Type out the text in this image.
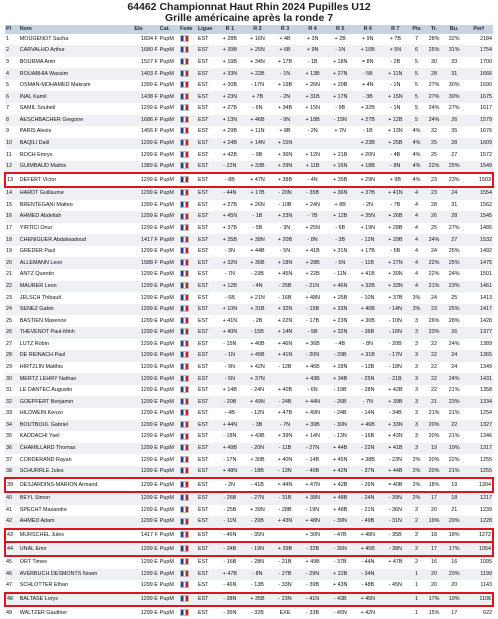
64462 Championnat Haut Rhin 2024 Pupilles U12
Grille américaine après la ronde 7
Pl	Nom	Elo	Cat.	Fede	Ligue	R 1	R 2	R 3	R 4	R 5	R 6	R 7	Pts	Tr.	Bu.	Perf
1	MOUGENOT Sacha	1834 F	PupM		EST	+ 28B	+ 16N	+ 4B	+ 3N	+ 2B	+ 9N	+ 7B	7	28%	32%	2184
2	CARVALHO Arthur	1680 F	PupM		EST	+ 39B	+ 25N	+ 6B	+ 9N	- 1N	+ 10B	+ 5N	6	25%	31%	1754
3	BOURMA Amir	1527 F	PupM		EST	+ 19B	+ 34N	+ 17B	- 1B	+ 18N	= 8N	- 2B	5	30	33	1700
4	ROUABHIA Wassim	1403 F	PupM		EST	+ 33N	+ 22B	- 1N	+ 13B	+ 27N	- 5B	+ 11N	5	28	31	1666
5	OSMAN-MOHAMED Makram	1399 E	PupM		EST	+ 30B	- 17N	+ 19B	+ 26N	+ 20B	+ 4N	- 1N	5	27%	30%	1690
6	INAL Kamil	1438 F	PupM		EST	+ 23N	+ 7B	- 2N	+ 31B	+ 17N	- 3B	+ 15N	5	27%	30%	1675
7	SAMIL Souheil	1299 E	PupM		EST	+ 27B	- 6N	+ 34B	+ 15N	- 9B	+ 32B	- 1N	5	24%	27%	1617
8	AESCHBACHER Gregoire	1686 F	PupM		EST	+ 13N	+ 46B	- 9N	+ 18B	- 15N	+ 27B	+ 12B	5	24%	26	1579
9	PARIS Alexis	1456 F	PupM		EST	+ 29B	+ 11N	+ 8B	- 2N	+ 7N	- 1B	+ 13N	4%	32	35	1676
10	BAQILI Dalil	1299 E	PupM		EST	+ 24B	+ 14N	+ 15N			+ 23B	+ 25B	4%	25	28	1609
11	ROCH Emrys	1299 E	PupM		EST	+ 42B	- 9B	+ 36N	+ 12N	+ 21B	+ 20N	- 4B	4%	25	27	1572
12	GUIMBAUD Mathis	1389 E	PupM		EST	- 22N	+ 33B	+ 29N	+ 11B	+ 16N	+ 18B	- 8N	4%	22%	25%	1549
13	DEFERT Victor	1299 E	PupM		EST	- 8B	+ 47N	+ 38B	- 4N	+ 35B	+ 29N	+ 9B	4%	23	23%	1503
14	HARDT Guillaume	1299 E	PupM		EST	- 44N	+ 17B	- 20N	- 35B	+ 36N	+ 37B	+ 41N	4	23	24	1554
15	BRENTEGANI Matteo	1399 E	PupM		EST	+ 27B	+ 26N	- 10B	+ 24N	+ 8B	- 2N	- 7B	4	28	31	1562
16	AHMED Abdellah	1299 E	PupM		EST	+ 45N	- 1B	+ 23N	- 7B	+ 12B	+ 35N	+ 26B	4	26	28	1545
17	YIRTICI Onur	1299 E	PupM		EST	+ 37B	- 5B	- 3N	+ 25N	- 6B	+ 19N	+ 28B	4	25	27%	1485
18	CHENIGUER Abdalwadoud	1417 F	PupM		EST	+ 35B	+ 38N	+ 20B	- 8N	- 3B	- 12N	+ 29B	4	24%	27	1532
19	GREDER Paul	1299 E	PupM		EST	- 3N	+ 44B	- 5N	+ 41B	+ 31N	+ 17B	- 6B	4	24	25%	1492
20	ALLEMANN Leon	1588 F	PupM		EST	+ 32N	+ 36B	+ 18N	+ 28B	- 5N	- 11B	+ 27N	4	22%	25%	1475
21	ANTZ Quentin	1299 E	PupM		EST	- 7N	- 23B	+ 45N	+ 22B	- 11N	+ 41B	+ 30N	4	22%	24%	1501
22	MAURER Leon	1299 E	PupM		EST	+ 12B	- 4N	- 25B	- 21N	+ 46N	+ 32B	+ 33N	4	21%	23%	1461
23	JELSCH Thibault	1299 E	PupM		EST	- 6B	+ 21N	- 16B	+ 48N	+ 25B	- 10N	+ 37B	3%	24	25	1413
24	SENEZ Gabin	1299 E	PupM		EST	+ 10N	+ 31B	+ 32N	- 15B	+ 33N	+ 40B	- 14N	3%	23	25%	1417
25	BASTIEN Maxence	1299 E	PupM		EST	+ 41N	- 2B	+ 22N	- 17B	+ 23N	+ 30B	- 10N	3	26%	28%	1428
26	THEVENOT Paul-Minh	1299 E	PupM		EST	+ 40N	- 15B	+ 14N	- 5B	+ 32N	- 36B	- 16N	3	23%	26	1377
27	LUTZ Robin	1299 E	PupM		EST	- 15N	+ 40B	+ 46N	+ 36B	- 4B	- 8N	- 20B	3	22	24%	1389
28	DE REINACH Paul	1299 E	PupM		EST	- 1N	+ 45B	+ 41N	- 20N	- 29B	+ 31B	- 17N	3	22	24	1365
29	HIRTZLIN Matthis	1299 E	PupM		EST	- 9N	+ 42N	- 12B	+ 46B	+ 28N	- 13B	- 18N	3	22	24	1349
30	MERTZ LEHRY Nathan	1299 E	PupM		EST	- 5N	+ 37N		+ 43B	+ 34B	- 25N	- 21B	3	22	24%	1431
31	LE DANTEC Augustin	1299 E	PupM		EST	+ 14B	- 24N	+ 40B	- 6N	- 19B	- 28N	+ 42B	3	22	21%	1358
32	GOEPFERT Benjamin	1299 E	PupM		EST	- 20B	+ 49N	- 24B	+ 44N	- 26B	- 7N	+ 39B	3	21	23%	1334
33	HILDWEIN Kenzo	1299 E	PupM		EST	- 4B	- 12N	+ 47B	+ 49N	- 24B	- 14N	- 34B	3	21%	21%	1254
34	BOUTBOUL Gabriel	1299 E	PupM		EST	+ 44N	- 3B	- 7N	+ 39B	- 30N	+ 46B	+ 33N	3	20%	22	1327
35	KADDACHI Yael	1299 E	PupM		EST	- 18N	+ 43B	+ 39N	+ 14N	- 13N	- 16B	+ 43N	3	20%	21%	1346
36	CHAMILLARD Thomas	1299 E	PupM		EST	+ 49B	- 20N	- 11B	- 27N	+ 44B	- 22N	+ 41B	3	19	19%	1317
37	CORDERAND Rayan	1299 E	PupM		EST	- 17N	+ 30B	+ 40N	- 14B	+ 45N	+ 38B	- 23N	2%	20%	22%	1255
38	SCHURRLE Jules	1299 E	PupM		EST	+ 48N	- 18B	- 13N	- 40B	+ 42N	- 37N	+ 44B	2%	20%	21%	1255
39	DESJARDINS-MARION Armand	1299 E	PupM		EST	- 2N	- 41B	< 44N	+ 47N	+ 42B	- 26N	= 40B	2%	18%	19	1304
40	BEYL Simon	1299 E	PupM		EST	- 26B	- 27N	- 31B	+ 38N	+ 48B	- 24N	- 39N	2%	17	18	1217
41	SPECHT Maxandre	1299 E	PupM		EST	- 25B	+ 39N	- 28B	- 19N	+ 48B	- 21N	- 36N	2	20	21	1239
42	AHMED Adam	1299 E	PupM		EST	- 11N	- 29B	+ 43N	+ 48N	- 39N	- 49B	- 31N	2	19%	20%	1228
43	MURSCHEL Jules	1417 F	PupM		EST	- 46N	- 35N		+ 30N	- 47B	+ 48N	- 35B	2	18	18%	1272
44	UNAL Emir	1299 E	PupM		EST	- 34B	- 19N	+ 39B	- 32B	- 36N	+ 45B	- 38N	2	17	17%	1054
45	ORT Timeo	1299 E	PupM		EST	- 16B	- 28N	- 21B	+ 49B	- 37B	- 44N	+ 47B	2	16	16	1095
46	AVERBUCH DESMONTS Noam	1299 E	PupM		EST	+ 47B	- 8N	- 27B	- 29N	+ 22B	- 34N		1	20	20%	1199
47	SCHLOTTER Ethan	1299 E	PupM		EST	- 46N	- 13B	- 33N	- 39B	+ 43N	- 48B	- 45N	1	20	20	1143
48	BALTASE Lorys	1299 E	PupM		EST	- 38N	+ 35B	- 23N	- 41N	- 43B	+ 45N		1	17%	19%	1106
49	WALTZER Gauthier	1299 E	PupM		EST	- 36N	- 32B	EXE	- 33B	- 45N	+ 42N		1	15%	17	622
